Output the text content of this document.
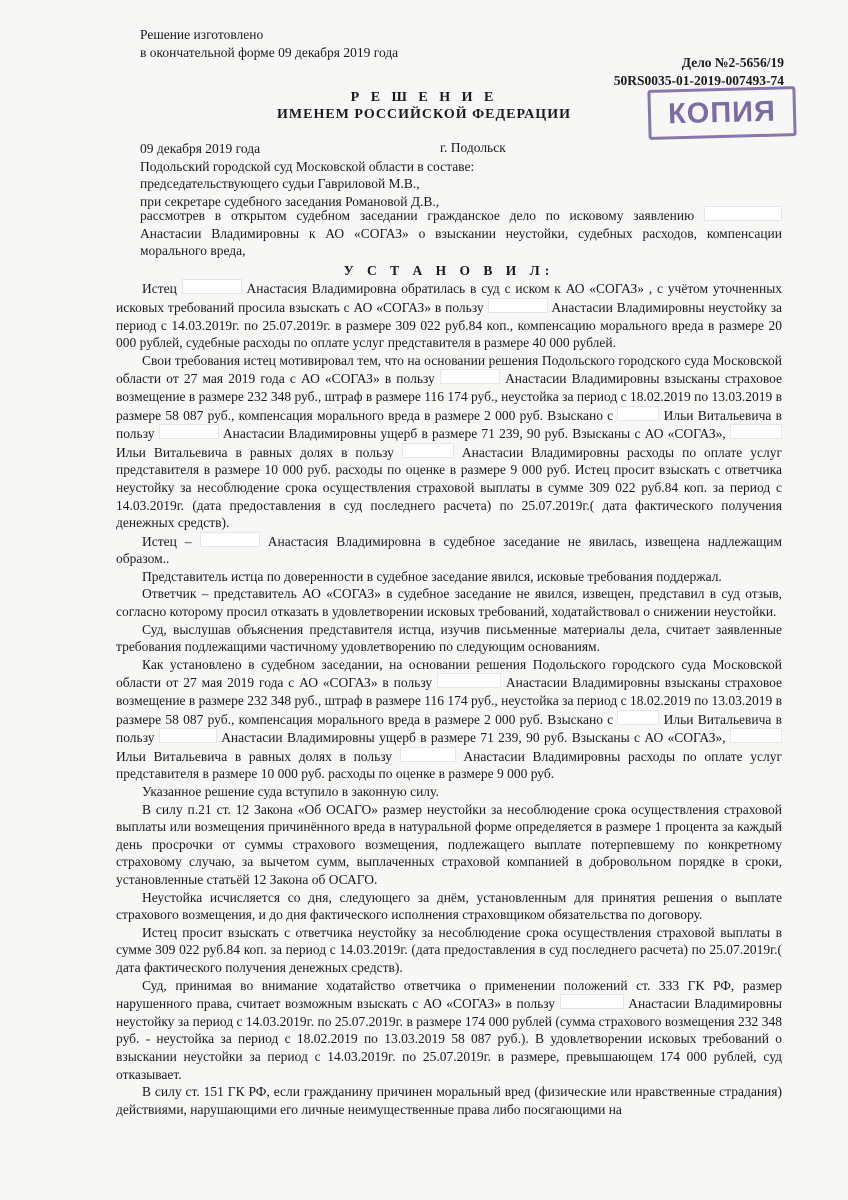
Решение изготовлено
в окончательной форме 09 декабря 2019 года
Дело №2-5656/19
50RS0035-01-2019-007493-74
Р Е Ш Е Н И Е
ИМЕНЕМ РОССИЙСКОЙ ФЕДЕРАЦИИ	КОПИЯ
09 декабря 2019 года
Подольский городской суд Московской области в составе:
председательствующего судьи Гавриловой М.В.,
при секретаре судебного заседания Романовой Д.В.,
г. Подольск

рассмотрев в открытом судебном заседании гражданское дело по исковому заявлению  Анастасии Владимировны к АО «СОГАЗ» о взыскании неустойки, судебных расходов, компенсации морального вреда,

У С Т А Н О В И Л:

Истец	Анастасия Владимировна обратилась в суд с иском к АО «СОГАЗ» , с учётом уточненных исковых требований просила взыскать с АО «СОГАЗ» в пользу	Анастасии Владимировны неустойку за период с 14.03.2019г. по 25.07.2019г. в размере 309 022 руб.84 коп., компенсацию морального вреда в размере 20 000 рублей, судебные расходы по оплате услуг представителя в размере 40 000 рублей.

Свои требования истец мотивировал тем, что на основании решения Подольского городского суда Московской области от 27 мая 2019 года с АО «СОГАЗ» в пользу	Анастасии Владимировны взысканы страховое возмещение в размере 232 348 руб., штраф в размере 116 174 руб., неустойка за период с 18.02.2019 по 13.03.2019 в размере 58 087 руб., компенсация морального вреда в размере 2 000 руб. Взыскано с	Ильи Витальевича в пользу	Анастасии Владимировны ущерб в размере 71 239, 90 руб. Взысканы с АО «СОГАЗ»,  Ильи Витальевича в равных долях в пользу	Анастасии Владимировны расходы по оплате услуг представителя в размере 10 000 руб. расходы по оценке в размере 9 000 руб. Истец просит взыскать с ответчика неустойку за несоблюдение срока осуществления страховой выплаты в сумме 309 022 руб.84 коп. за период с 14.03.2019г. (дата предоставления в суд последнего расчета) по 25.07.2019г.( дата фактического получения денежных средств).

Истец –	Анастасия Владимировна в судебное заседание не явилась, извещена надлежащим образом..

Представитель истца по доверенности в судебное заседание явился, исковые требования поддержал.

Ответчик – представитель АО «СОГАЗ» в судебное заседание не явился, извещен, представил в суд отзыв, согласно которому просил отказать в удовлетворении исковых требований, ходатайствовал о снижении неустойки.

Суд, выслушав объяснения представителя истца, изучив письменные материалы дела, считает заявленные требования подлежащими частичному удовлетворению по следующим основаниям.

Как установлено в судебном заседании, на основании решения Подольского городского суда Московской области от 27 мая 2019 года с АО «СОГАЗ» в пользу	Анастасии Владимировны взысканы страховое возмещение в размере 232 348 руб., штраф в размере 116 174 руб., неустойка за период с 18.02.2019 по 13.03.2019 в размере 58 087 руб., компенсация морального вреда в размере 2 000 руб. Взыскано с	Ильи Витальевича в пользу	Анастасии Владимировны ущерб в размере 71 239, 90 руб. Взысканы с АО «СОГАЗ»,  Ильи Витальевича в равных долях в пользу	Анастасии Владимировны расходы по оплате услуг представителя в размере 10 000 руб. расходы по оценке в размере 9 000 руб.

Указанное решение суда вступило в законную силу.

В силу п.21 ст. 12 Закона «Об ОСАГО» размер неустойки за несоблюдение срока осуществления страховой выплаты или возмещения причинённого вреда в натуральной форме определяется в размере 1 процента за каждый день просрочки от суммы страхового возмещения, подлежащего выплате потерпевшему по конкретному страховому случаю, за вычетом сумм, выплаченных страховой компанией в добровольном порядке в сроки, установленные статьёй 12 Закона об ОСАГО.

Неустойка исчисляется со дня, следующего за днём, установленным для принятия решения о выплате страхового возмещения, и до дня фактического исполнения страховщиком обязательства по договору.

Истец просит взыскать с ответчика неустойку за несоблюдение срока осуществления страховой выплаты в сумме 309 022 руб.84 коп. за период с 14.03.2019г. (дата предоставления в суд последнего расчета) по 25.07.2019г.( дата фактического получения денежных средств).

Суд, принимая во внимание ходатайство ответчика о применении положений ст. 333 ГК РФ, размер нарушенного права, считает возможным взыскать с АО «СОГАЗ» в пользу	Анастасии Владимировны неустойку за период с 14.03.2019г. по 25.07.2019г. в размере 174 000 рублей (сумма страхового возмещения 232 348 руб. - неустойка за период с 18.02.2019 по 13.03.2019 58 087 руб.). В удовлетворении исковых требований о взыскании неустойки за период с 14.03.2019г. по 25.07.2019г. в размере, превышающем 174 000 рублей, суд отказывает.

В силу ст. 151 ГК РФ, если гражданину причинен моральный вред (физические или нравственные страдания) действиями, нарушающими его личные неимущественные права либо посягающими на
